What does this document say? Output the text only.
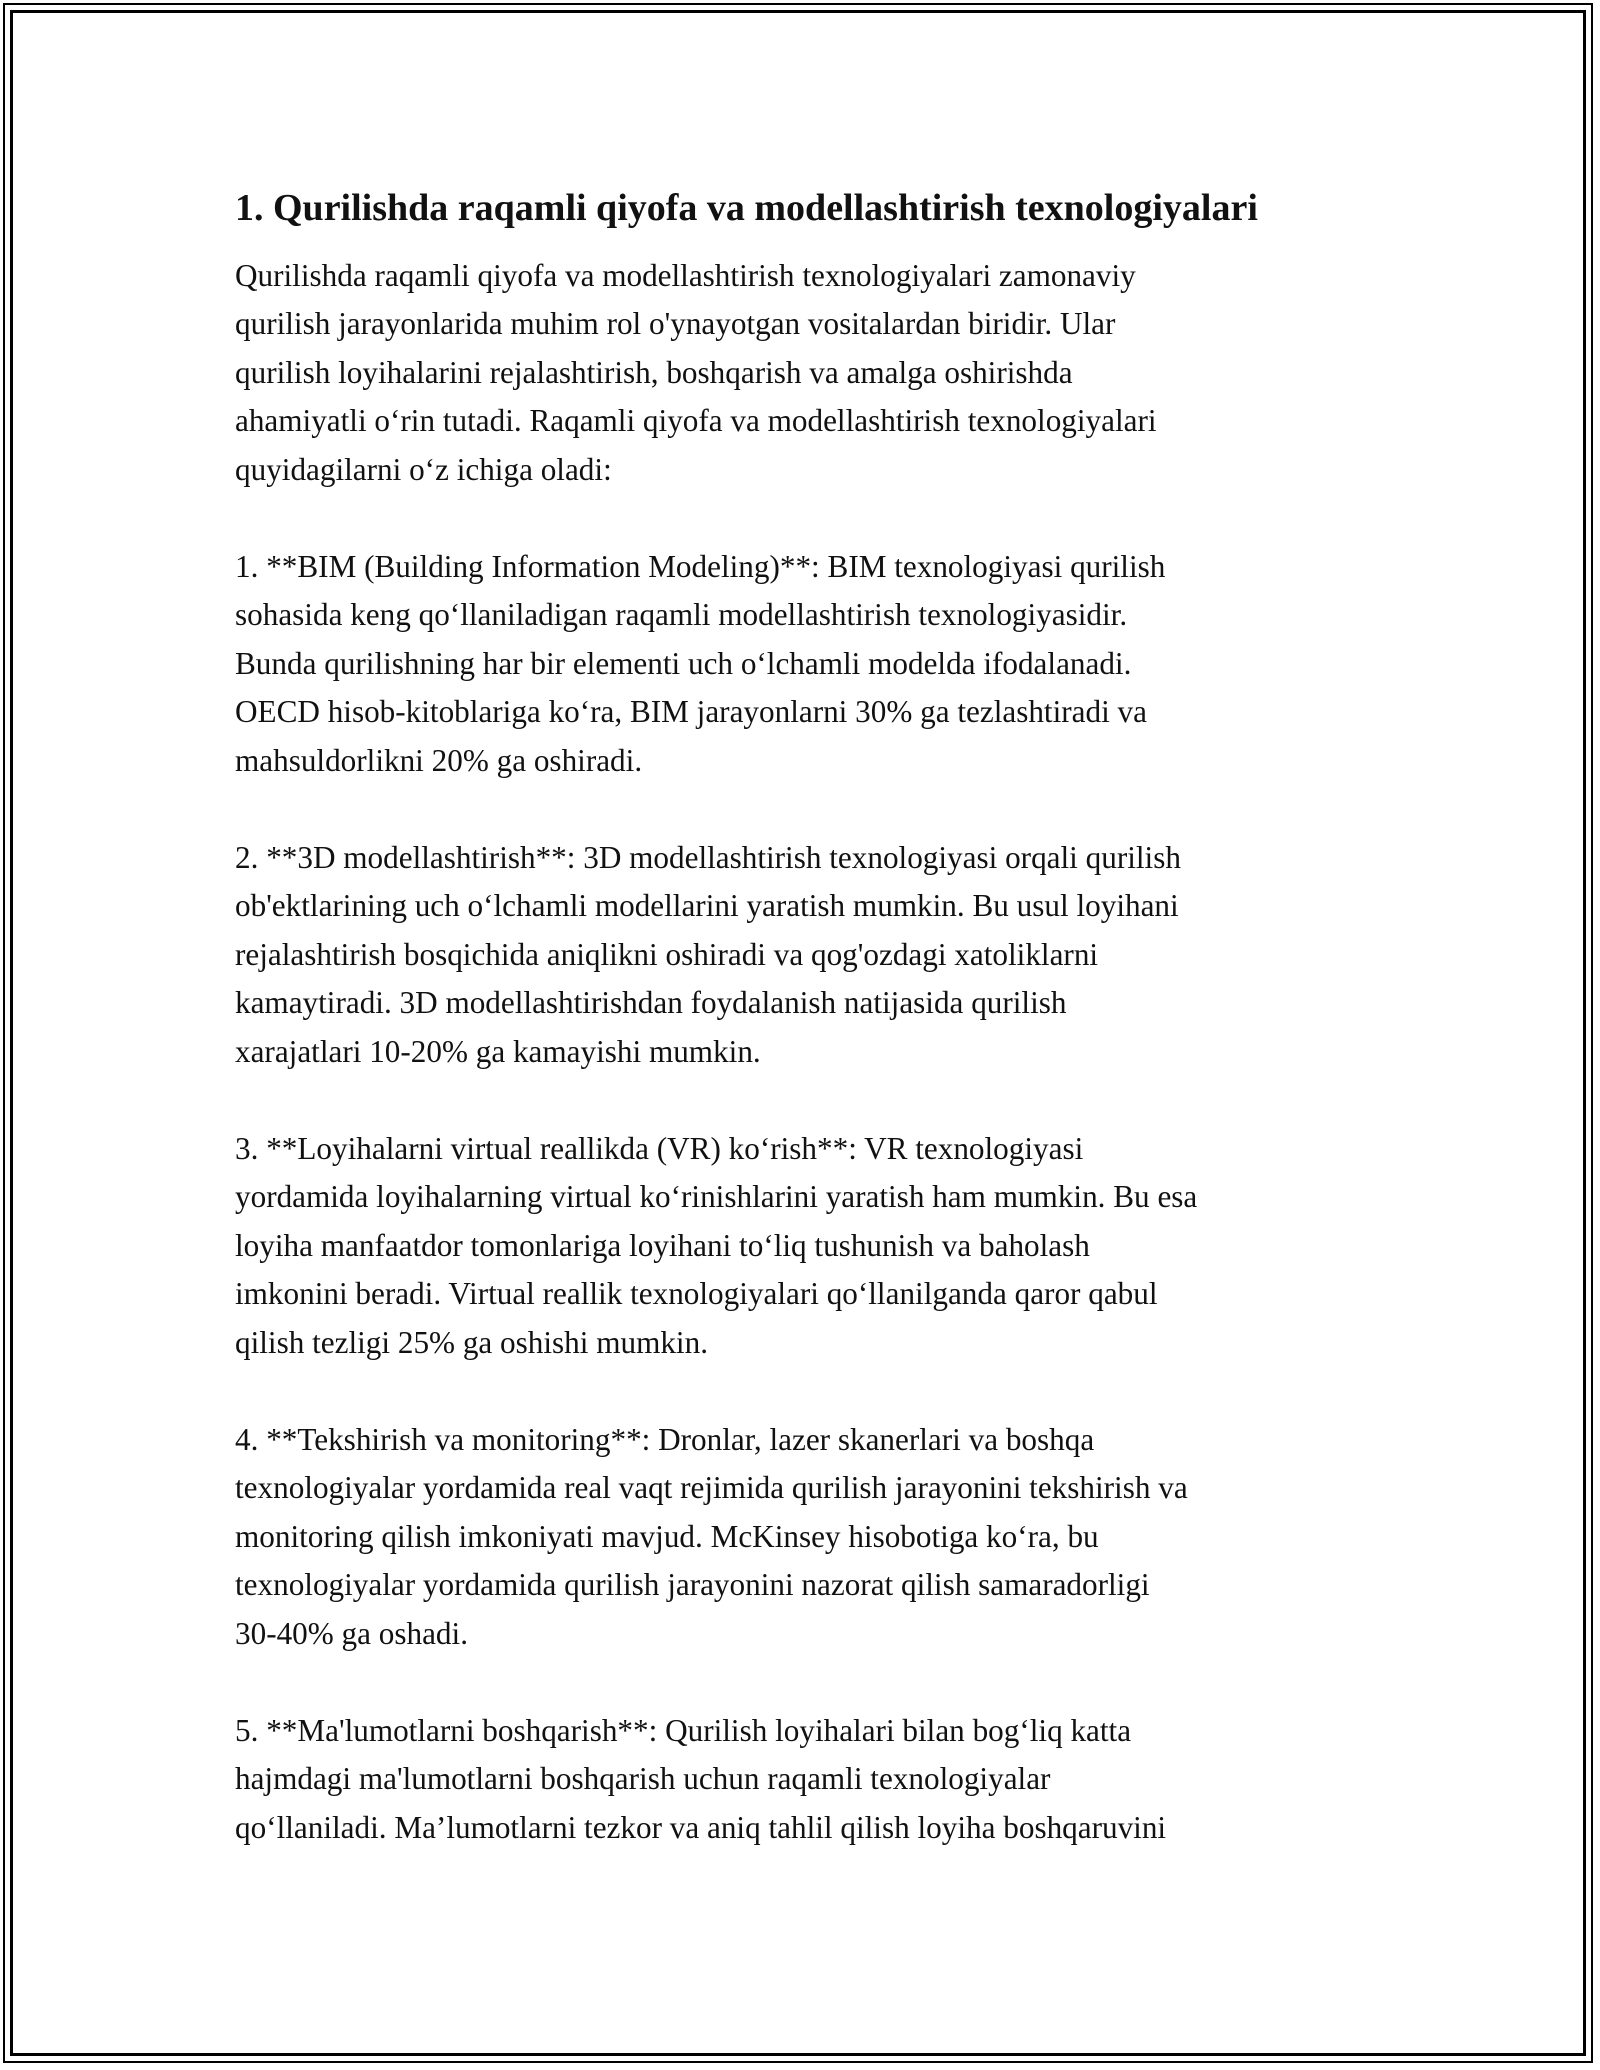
1. Qurilishda raqamli qiyofa va modellashtirish texnologiyalari
Qurilishda raqamli qiyofa va modellashtirish texnologiyalari zamonaviy
qurilish jarayonlarida muhim rol o'ynayotgan vositalardan biridir. Ular
qurilish loyihalarini rejalashtirish, boshqarish va amalga oshirishda
ahamiyatli o‘rin tutadi. Raqamli qiyofa va modellashtirish texnologiyalari
quyidagilarni o‘z ichiga oladi:
1. **BIM (Building Information Modeling)**: BIM texnologiyasi qurilish
sohasida keng qo‘llaniladigan raqamli modellashtirish texnologiyasidir.
Bunda qurilishning har bir elementi uch o‘lchamli modelda ifodalanadi.
OECD hisob-kitoblariga ko‘ra, BIM jarayonlarni 30% ga tezlashtiradi va
mahsuldorlikni 20% ga oshiradi.
2. **3D modellashtirish**: 3D modellashtirish texnologiyasi orqali qurilish
ob'ektlarining uch o‘lchamli modellarini yaratish mumkin. Bu usul loyihani
rejalashtirish bosqichida aniqlikni oshiradi va qog'ozdagi xatoliklarni
kamaytiradi. 3D modellashtirishdan foydalanish natijasida qurilish
xarajatlari 10-20% ga kamayishi mumkin.
3. **Loyihalarni virtual reallikda (VR) ko‘rish**: VR texnologiyasi
yordamida loyihalarning virtual ko‘rinishlarini yaratish ham mumkin. Bu esa
loyiha manfaatdor tomonlariga loyihani to‘liq tushunish va baholash
imkonini beradi. Virtual reallik texnologiyalari qo‘llanilganda qaror qabul
qilish tezligi 25% ga oshishi mumkin.
4. **Tekshirish va monitoring**: Dronlar, lazer skanerlari va boshqa
texnologiyalar yordamida real vaqt rejimida qurilish jarayonini tekshirish va
monitoring qilish imkoniyati mavjud. McKinsey hisobotiga ko‘ra, bu
texnologiyalar yordamida qurilish jarayonini nazorat qilish samaradorligi
30-40% ga oshadi.
5. **Ma'lumotlarni boshqarish**: Qurilish loyihalari bilan bog‘liq katta
hajmdagi ma'lumotlarni boshqarish uchun raqamli texnologiyalar
qo‘llaniladi. Ma’lumotlarni tezkor va aniq tahlil qilish loyiha boshqaruvini
